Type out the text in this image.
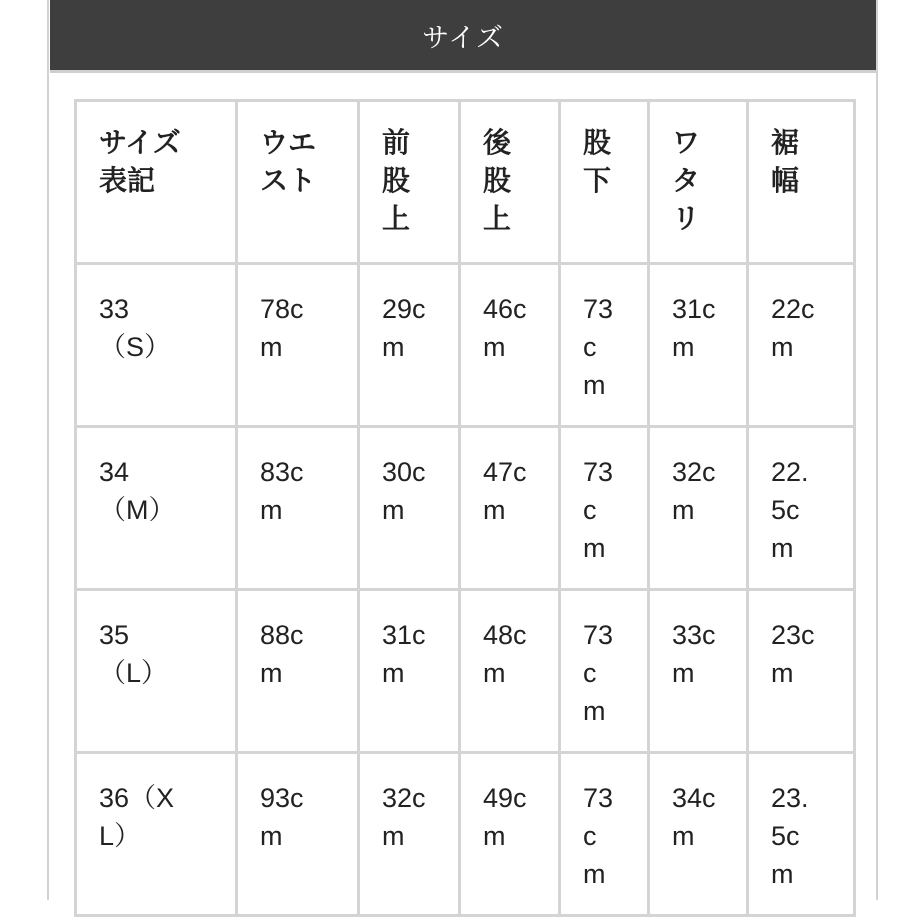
サイズ
サイズ表記	ウエスト	前股上	後股上	股下	ワタリ	裾幅

33（S）	78cm	29cm	46cm	73cm	31cm	22cm

34（M）	83cm	30cm	47cm	73cm	32cm	22.5cm

35（L）	88cm	31cm	48cm	73cm	33cm	23cm

36（XL）	93cm	32cm	49cm	73cm	34cm	23.5cm
